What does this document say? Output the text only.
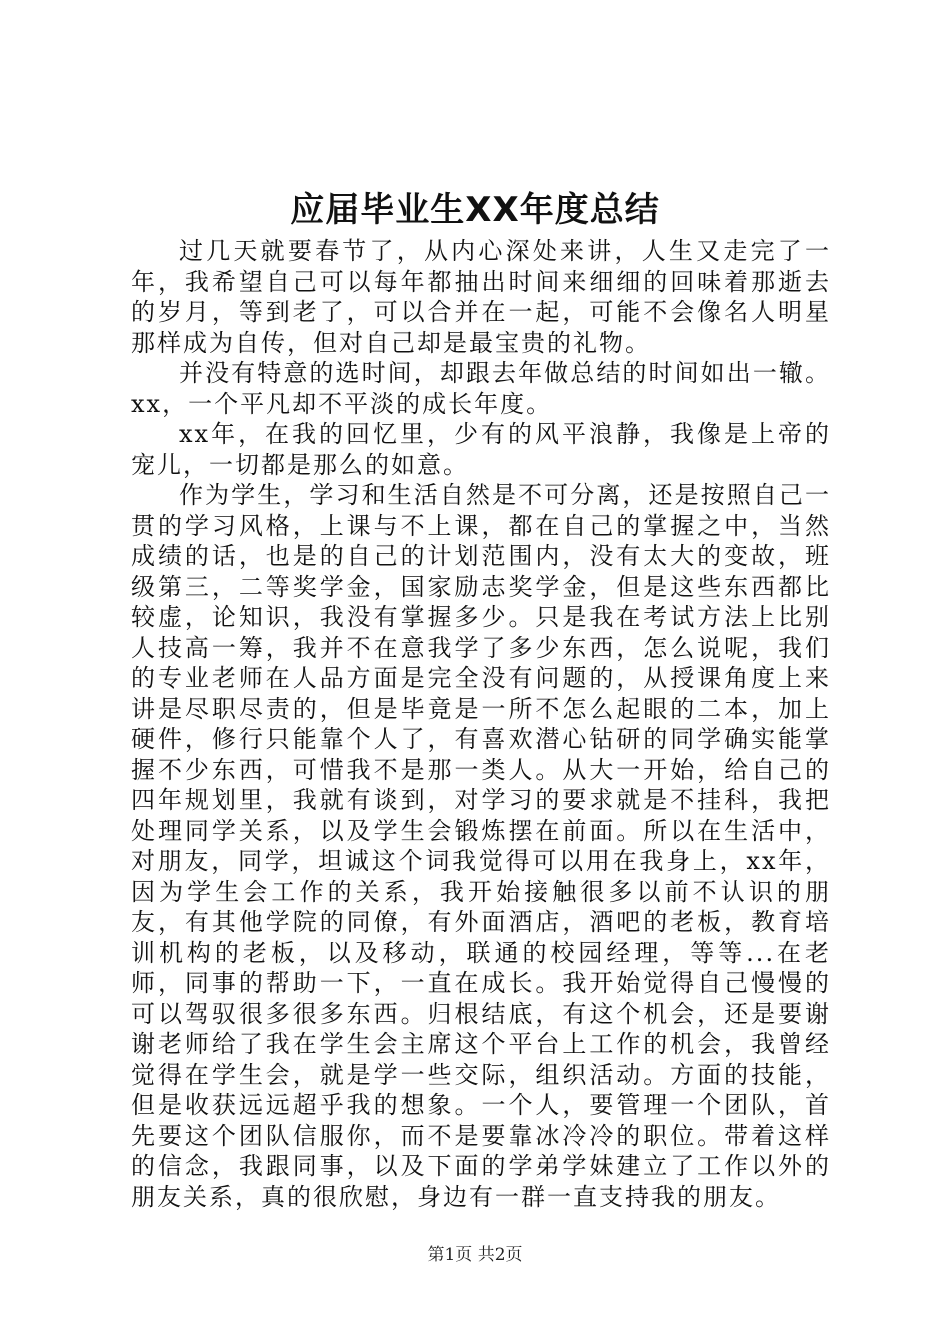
应届毕业生XX年度总结

过几天就要春节了，从内心深处来讲，人生又走完了一年，我希望自己可以每年都抽出时间来细细的回味着那逝去的岁月，等到老了，可以合并在一起，可能不会像名人明星那样成为自传，但对自己却是最宝贵的礼物。

并没有特意的选时间，却跟去年做总结的时间如出一辙。xx，一个平凡却不平淡的成长年度。

xx年，在我的回忆里，少有的风平浪静，我像是上帝的宠儿，一切都是那么的如意。

作为学生，学习和生活自然是不可分离，还是按照自己一贯的学习风格，上课与不上课，都在自己的掌握之中，当然成绩的话，也是的自己的计划范围内，没有太大的变故，班级第三，二等奖学金，国家励志奖学金，但是这些东西都比较虚，论知识，我没有掌握多少。只是我在考试方法上比别人技高一筹，我并不在意我学了多少东西，怎么说呢，我们的专业老师在人品方面是完全没有问题的，从授课角度上来讲是尽职尽责的，但是毕竟是一所不怎么起眼的二本，加上硬件，修行只能靠个人了，有喜欢潜心钻研的同学确实能掌握不少东西，可惜我不是那一类人。从大一开始，给自己的四年规划里，我就有谈到，对学习的要求就是不挂科，我把处理同学关系，以及学生会锻炼摆在前面。所以在生活中，对朋友，同学，坦诚这个词我觉得可以用在我身上，xx年，因为学生会工作的关系，我开始接触很多以前不认识的朋友，有其他学院的同僚，有外面酒店，酒吧的老板，教育培训机构的老板，以及移动，联通的校园经理，等等...在老师，同事的帮助一下，一直在成长。我开始觉得自己慢慢的可以驾驭很多很多东西。归根结底，有这个机会，还是要谢谢老师给了我在学生会主席这个平台上工作的机会，我曾经觉得在学生会，就是学一些交际，组织活动。方面的技能，但是收获远远超乎我的想象。一个人，要管理一个团队，首先要这个团队信服你，而不是要靠冰冷冷的职位。带着这样的信念，我跟同事，以及下面的学弟学妹建立了工作以外的朋友关系，真的很欣慰，身边有一群一直支持我的朋友。

第1页 共2页
